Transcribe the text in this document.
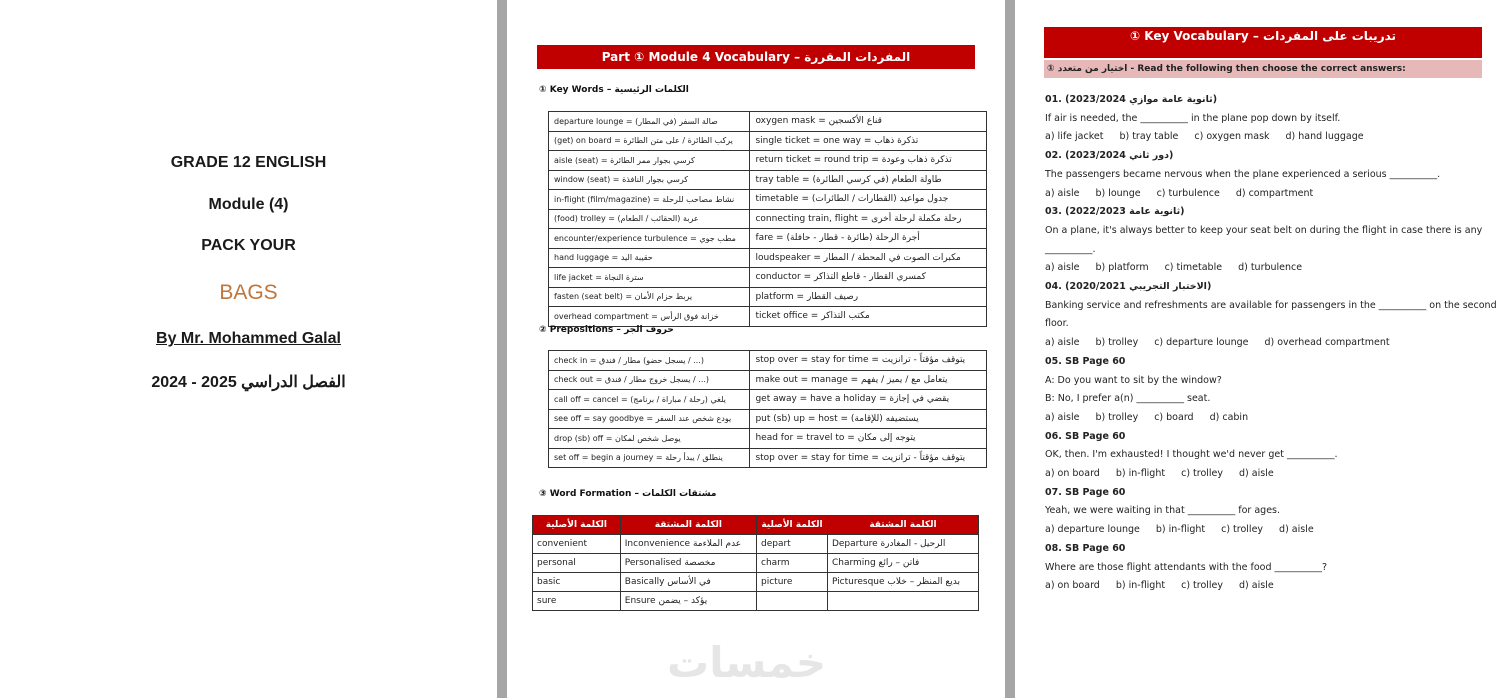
GRADE 12 ENGLISH
Module (4)
PACK YOUR
BAGS
By Mr. Mohammed Galal
الفصل الدراسي 2025 - 2024
Part ① Module 4 Vocabulary – المفردات المقررة
① Key Words – الكلمات الرئيسية
departure lounge = صالة السفر (في المطار)	oxygen mask = قناع الأكسجين
(get) on board = يركب الطائرة / على متن الطائرة	single ticket = one way = تذكرة ذهاب
aisle (seat) = كرسي بجوار ممر الطائرة	return ticket = round trip = تذكرة ذهاب وعودة
window (seat) = كرسي بجوار النافذة	tray table = طاولة الطعام (في كرسي الطائرة)
in-flight (film/magazine) = نشاط مصاحب للرحلة	timetable = جدول مواعيد (القطارات / الطائرات)
(food) trolley = عربة (الحقائب / الطعام)	connecting train, flight = رحلة مكملة لرحلة أخرى
encounter/experience turbulence = مطب جوي	fare = أجرة الرحلة (طائرة - قطار - حافلة)
hand luggage = حقيبة اليد	loudspeaker = مكبرات الصوت في المحطة / المطار
life jacket = سترة النجاة	conductor = كمسري القطار - قاطع التذاكر
fasten (seat belt) = يربط حزام الأمان	platform = رصيف القطار
overhead compartment = خزانة فوق الرأس	ticket office = مكتب التذاكر
② Prepositions – حروف الجر
check in = يسجل حضو) مطار / فندق / ...)	stop over = stay for time = يتوقف مؤقتاً - ترانزيت
check out = يسجل خروج مطار / فندق / ...)	make out = manage = يتعامل مع / يميز / يفهم
call off = cancel = يلغي (رحلة / مباراة / برنامج)	get away = have a holiday = يقضي في إجازة
see off = say goodbye = يودع شخص عند السفر	put (sb) up = host = يستضيفه (للإقامة)
drop (sb) off = يوصل شخص لمكان	head for = travel to = يتوجه إلى مكان
set off = begin a journey = ينطلق / يبدأ رحلة	stop over = stay for time = يتوقف مؤقتاً - ترانزيت
③ Word Formation – مشتقات الكلمات
الكلمة الأصلية	الكلمة المشتقة	الكلمة الأصلية	الكلمة المشتقة
convenient	Inconvenience عدم الملاءمة	depart	Departure الرحيل - المغادرة
personal	Personalised مخصصة	charm	Charming فاتن – رائع
basic	Basically في الأساس	picture	Picturesque بديع المنظر – خلاب
sure	Ensure يؤكد – يضمن		
خمسات
① Key Vocabulary – تدريبات على المفردات
① اختيار من متعدد - Read the following then choose the correct answers:
01. (2023/2024 ثانوية عامة موازي)
If air is needed, the __________ in the plane pop down by itself.
a) life jacket b) tray table c) oxygen mask d) hand luggage
02. (2023/2024 دور ثاني)
The passengers became nervous when the plane experienced a serious __________.
a) aisle b) lounge c) turbulence d) compartment
03. (2022/2023 ثانوية عامة)
On a plane, it's always better to keep your seat belt on during the flight in case there is any
__________.
a) aisle b) platform c) timetable d) turbulence
04. (2020/2021 الاختبار التجريبي)
Banking service and refreshments are available for passengers in the __________ on the second
floor.
a) aisle b) trolley c) departure lounge d) overhead compartment
05. SB Page 60
A: Do you want to sit by the window?
B: No, I prefer a(n) __________ seat.
a) aisle b) trolley c) board d) cabin
06. SB Page 60
OK, then. I'm exhausted! I thought we'd never get __________.
a) on board b) in-flight c) trolley d) aisle
07. SB Page 60
Yeah, we were waiting in that __________ for ages.
a) departure lounge b) in-flight c) trolley d) aisle
08. SB Page 60
Where are those flight attendants with the food __________?
a) on board b) in-flight c) trolley d) aisle
